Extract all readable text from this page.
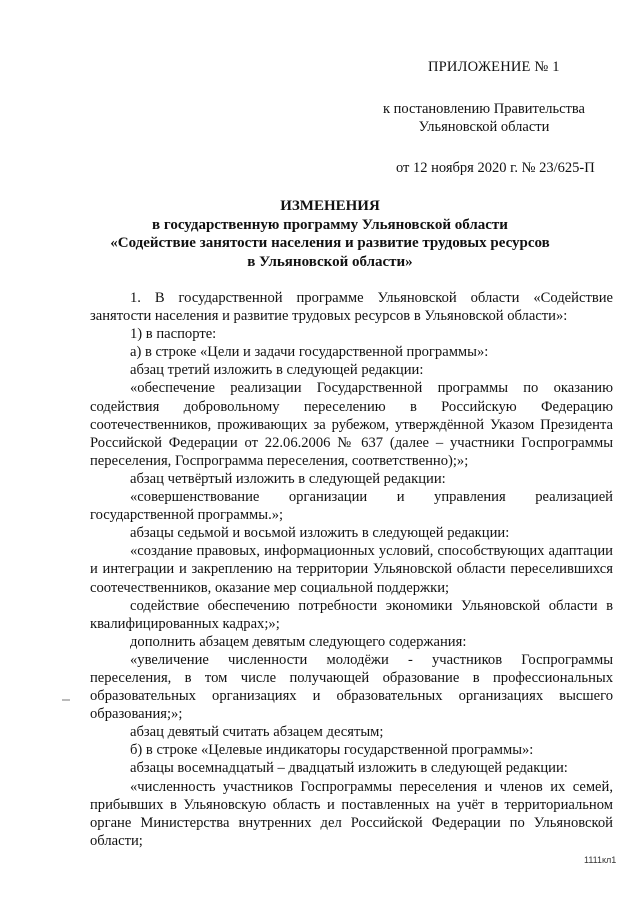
ПРИЛОЖЕНИЕ № 1
к постановлению Правительства
Ульяновской области
от 12 ноября 2020 г. № 23/625-П
ИЗМЕНЕНИЯ
в государственную программу Ульяновской области
«Содействие занятости населения и развитие трудовых ресурсов
в Ульяновской области»

1. В государственной программе Ульяновской области «Содействие занятости населения и развитие трудовых ресурсов в Ульяновской области»:

1) в паспорте:

а) в строке «Цели и задачи государственной программы»:

абзац третий изложить в следующей редакции:

«обеспечение реализации Государственной программы по оказанию содействия добровольному переселению в Российскую Федерацию соотечественников, проживающих за рубежом, утверждённой Указом Президента Российской Федерации от 22.06.2006 № 637 (далее – участники Госпрограммы переселения, Госпрограмма переселения, соответственно);»;

абзац четвёртый изложить в следующей редакции:

«совершенствование организации и управления реализацией государственной программы.»;

абзацы седьмой и восьмой изложить в следующей редакции:

«создание правовых, информационных условий, способствующих адаптации и интеграции и закреплению на территории Ульяновской области переселившихся соотечественников, оказание мер социальной поддержки;

содействие обеспечению потребности экономики Ульяновской области в квалифицированных кадрах;»;

дополнить абзацем девятым следующего содержания:

«увеличение численности молодёжи - участников Госпрограммы переселения, в том числе получающей образование в профессиональных образовательных организациях и образовательных организациях высшего образования;»;

абзац девятый считать абзацем десятым;

б) в строке «Целевые индикаторы государственной программы»:

абзацы восемнадцатый – двадцатый изложить в следующей редакции:

«численность участников Госпрограммы переселения и членов их семей, прибывших в Ульяновскую область и поставленных на учёт в территориальном органе Министерства внутренних дел Российской Федерации по Ульяновской области;

1111кл1
